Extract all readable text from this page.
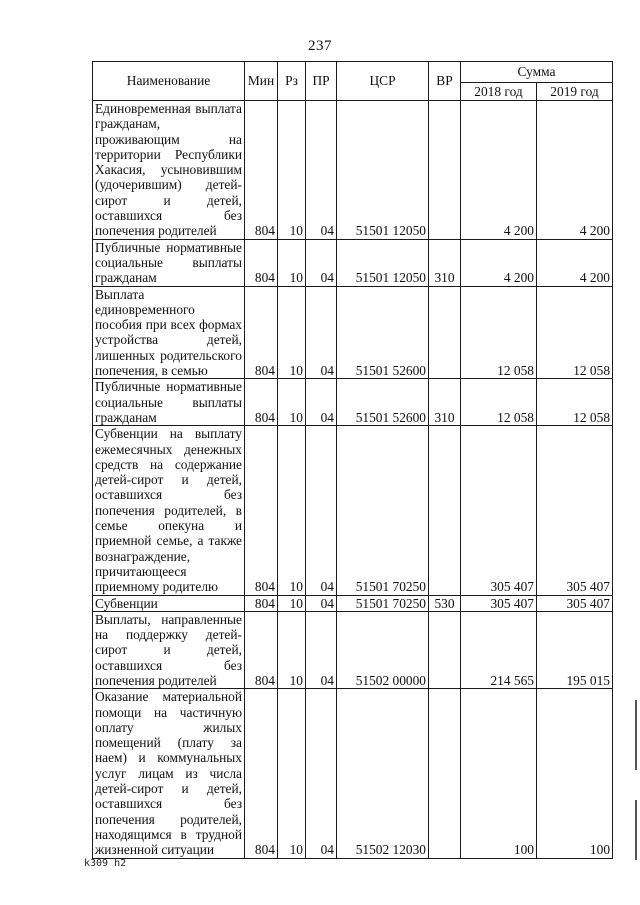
237
Наименование	Мин	Рз	ПР	ЦСР	ВР	Сумма	
						2018 год	2019 год
Единовременная выплата гражданам, проживающим на территории Республики Хакасия, усыновившим (удочерившим) детей-сирот и детей, оставшихся без попечения родителей	804	10	04	51501 12050		4 200	4 200
Публичные нормативные социальные выплаты гражданам	804	10	04	51501 12050	310	4 200	4 200
Выплата единовременного пособия при всех формах устройства детей, лишенных родительского попечения, в семью	804	10	04	51501 52600		12 058	12 058
Публичные нормативные социальные выплаты гражданам	804	10	04	51501 52600	310	12 058	12 058
Субвенции на выплату ежемесячных денежных средств на содержание детей-сирот и детей, оставшихся без попечения родителей, в семье опекуна и приемной семье, а также вознаграждение, причитающееся приемному родителю	804	10	04	51501 70250		305 407	305 407
Субвенции	804	10	04	51501 70250	530	305 407	305 407
Выплаты, направленные на поддержку детей-сирот и детей, оставшихся без попечения родителей	804	10	04	51502 00000		214 565	195 015
Оказание материальной помощи на частичную оплату жилых помещений (плату за наем) и коммунальных услуг лицам из числа детей-сирот и детей, оставшихся без попечения родителей, находящимся в трудной жизненной ситуации	804	10	04	51502 12030		100	100
k309 h2
